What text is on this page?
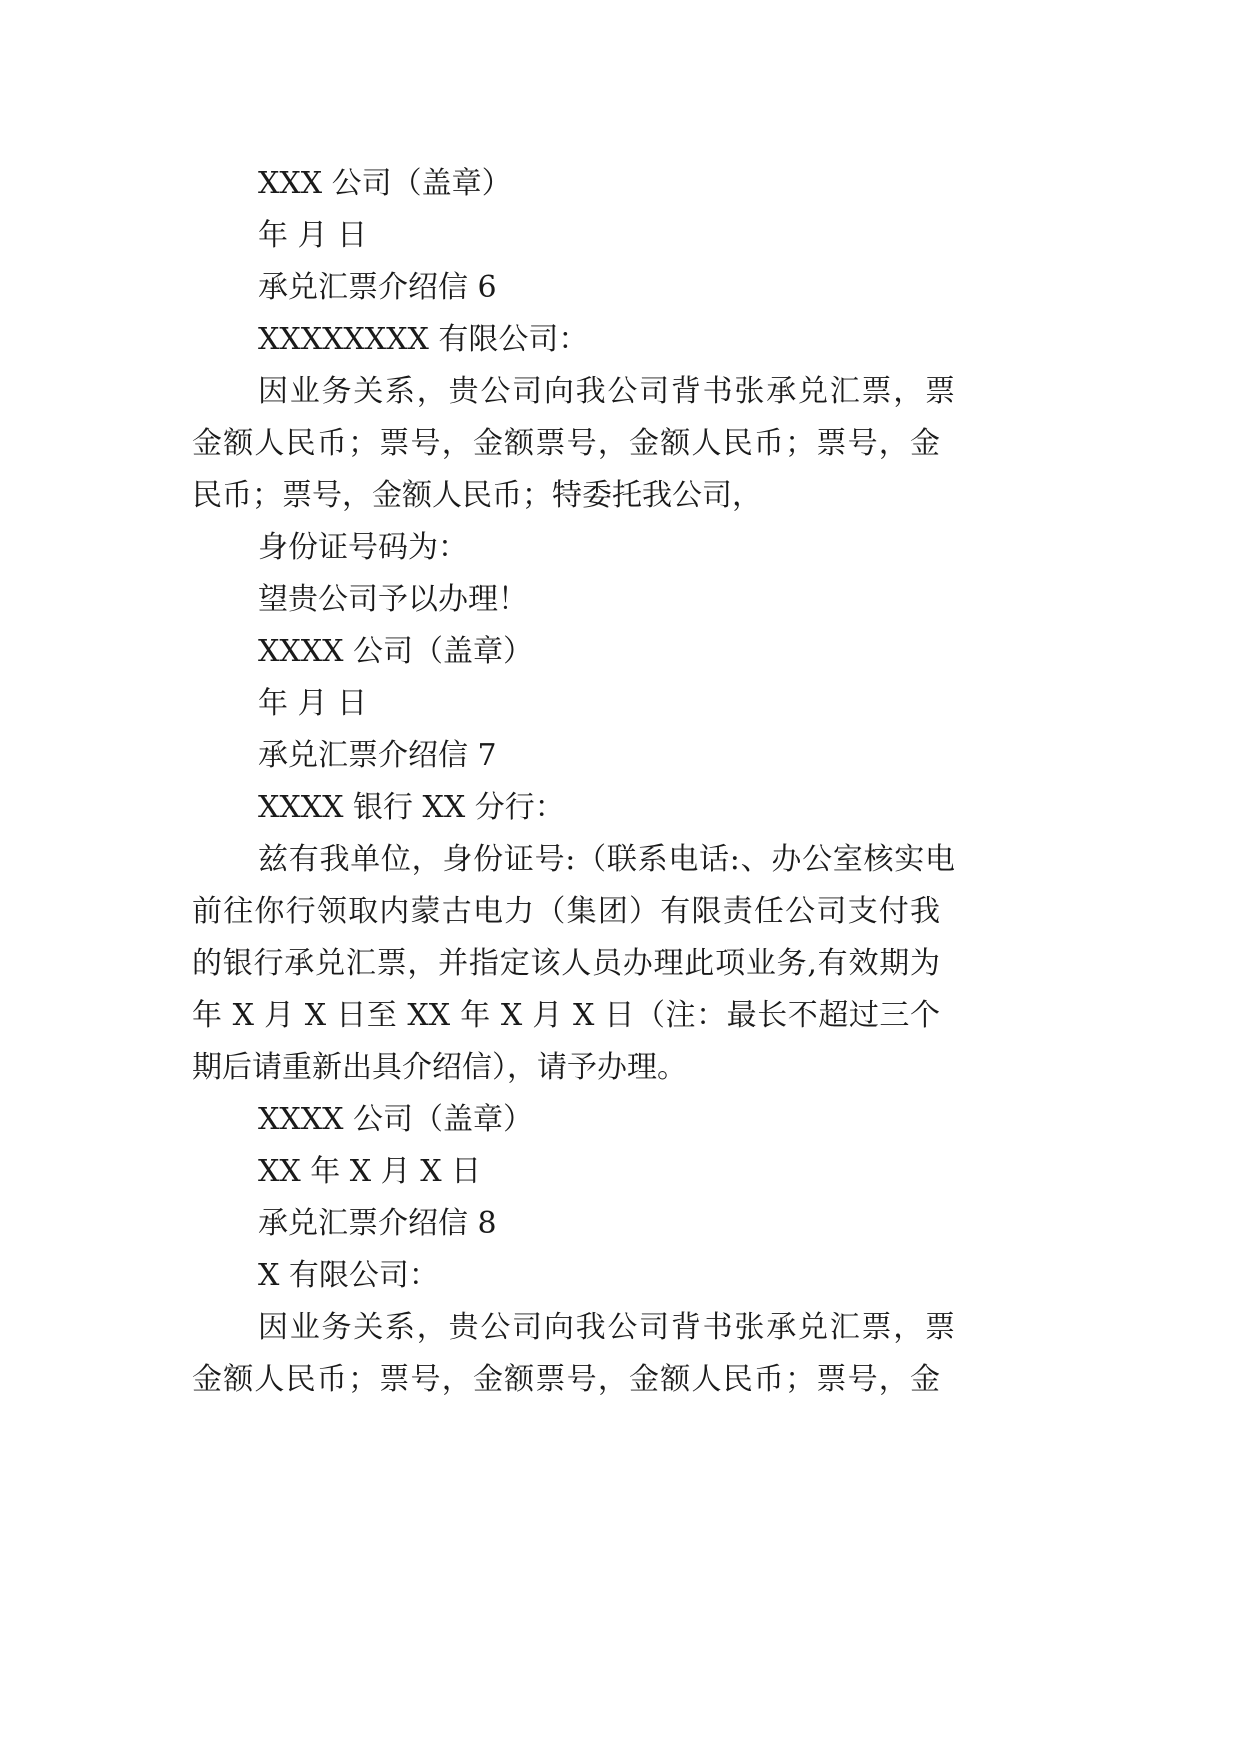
XXX 公司（盖章）
年 月 日
承兑汇票介绍信 6
XXXXXXXX 有限公司：
因业务关系，贵公司向我公司背书张承兑汇票，票
金额人民币；票号，金额票号，金额人民币；票号，金
民币；票号，金额人民币；特委托我公司，
身份证号码为：
望贵公司予以办理！
XXXX 公司（盖章）
年 月 日
承兑汇票介绍信 7
XXXX 银行 XX 分行：
兹有我单位，身份证号:（联系电话:、办公室核实电
前往你行领取内蒙古电力（集团）有限责任公司支付我
的银行承兑汇票，并指定该人员办理此项业务,有效期为
年 X 月 X 日至 XX 年 X 月 X 日（注：最长不超过三个
期后请重新出具介绍信），请予办理。
XXXX 公司（盖章）
XX 年 X 月 X 日
承兑汇票介绍信 8
X 有限公司：
因业务关系，贵公司向我公司背书张承兑汇票，票
金额人民币；票号，金额票号，金额人民币；票号，金
